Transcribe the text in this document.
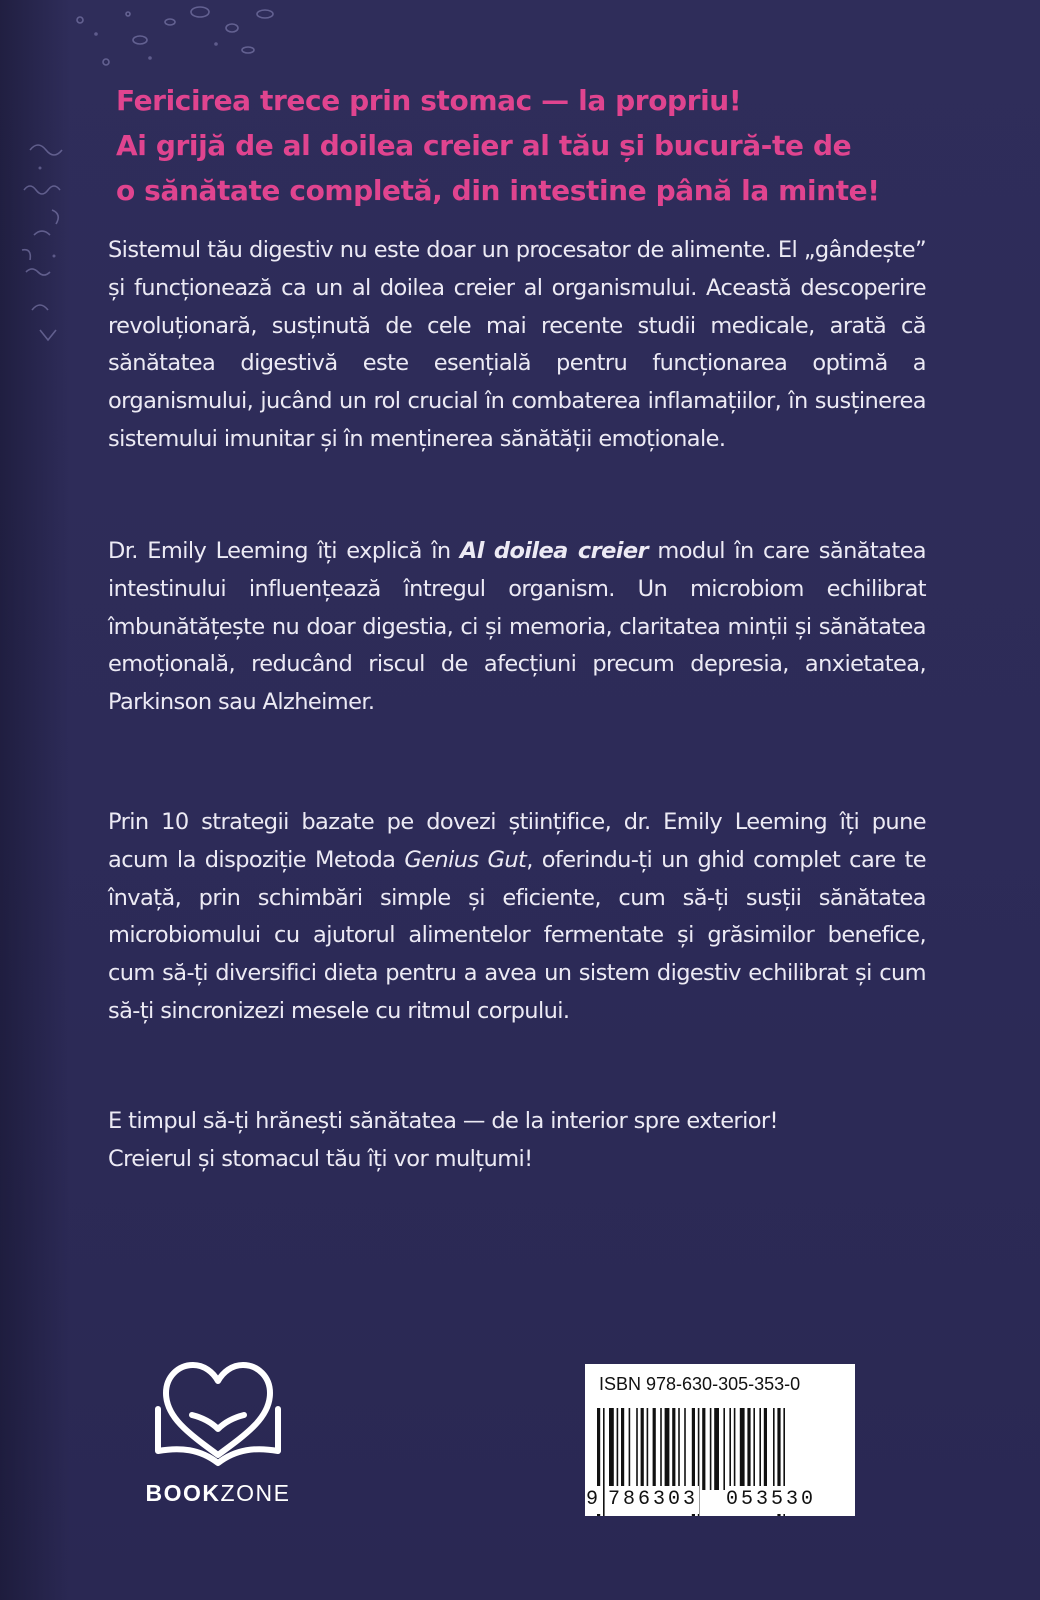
Fericirea trece prin stomac — la propriu!
Ai grijă de al doilea creier al tău și bucură-te de
o sănătate completă, din intestine până la minte!

Sistemul tău digestiv nu este doar un procesator de alimente. El „gândește” și funcționează ca un al doilea creier al organismului. Această descoperire revoluționară, susținută de cele mai recente studii medicale, arată că sănătatea digestivă este esențială pentru funcționarea optimă a organismului, jucând un rol crucial în combaterea inflamațiilor, în susținerea sistemului imunitar și în menținerea sănătății emoționale.

Dr. Emily Leeming îți explică în Al doilea creier modul în care sănătatea intestinului influențează întregul organism. Un microbiom echilibrat îmbunătățește nu doar digestia, ci și memoria, claritatea minții și sănătatea emoțională, reducând riscul de afecțiuni precum depresia, anxietatea, Parkinson sau Alzheimer.

Prin 10 strategii bazate pe dovezi științifice, dr. Emily Leeming îți pune acum la dispoziție Metoda Genius Gut, oferindu-ți un ghid complet care te învață, prin schimbări simple și eficiente, cum să-ți susții sănătatea microbiomului cu ajutorul alimentelor fermentate și grăsimilor benefice, cum să-ți diversifici dieta pentru a avea un sistem digestiv echilibrat și cum să-ți sincronizezi mesele cu ritmul corpului.

E timpul să-ți hrănești sănătatea — de la interior spre exterior!
Creierul și stomacul tău îți vor mulțumi!

BOOKZONE
ISBN 978-630-305-353-0
9 786303 053530
